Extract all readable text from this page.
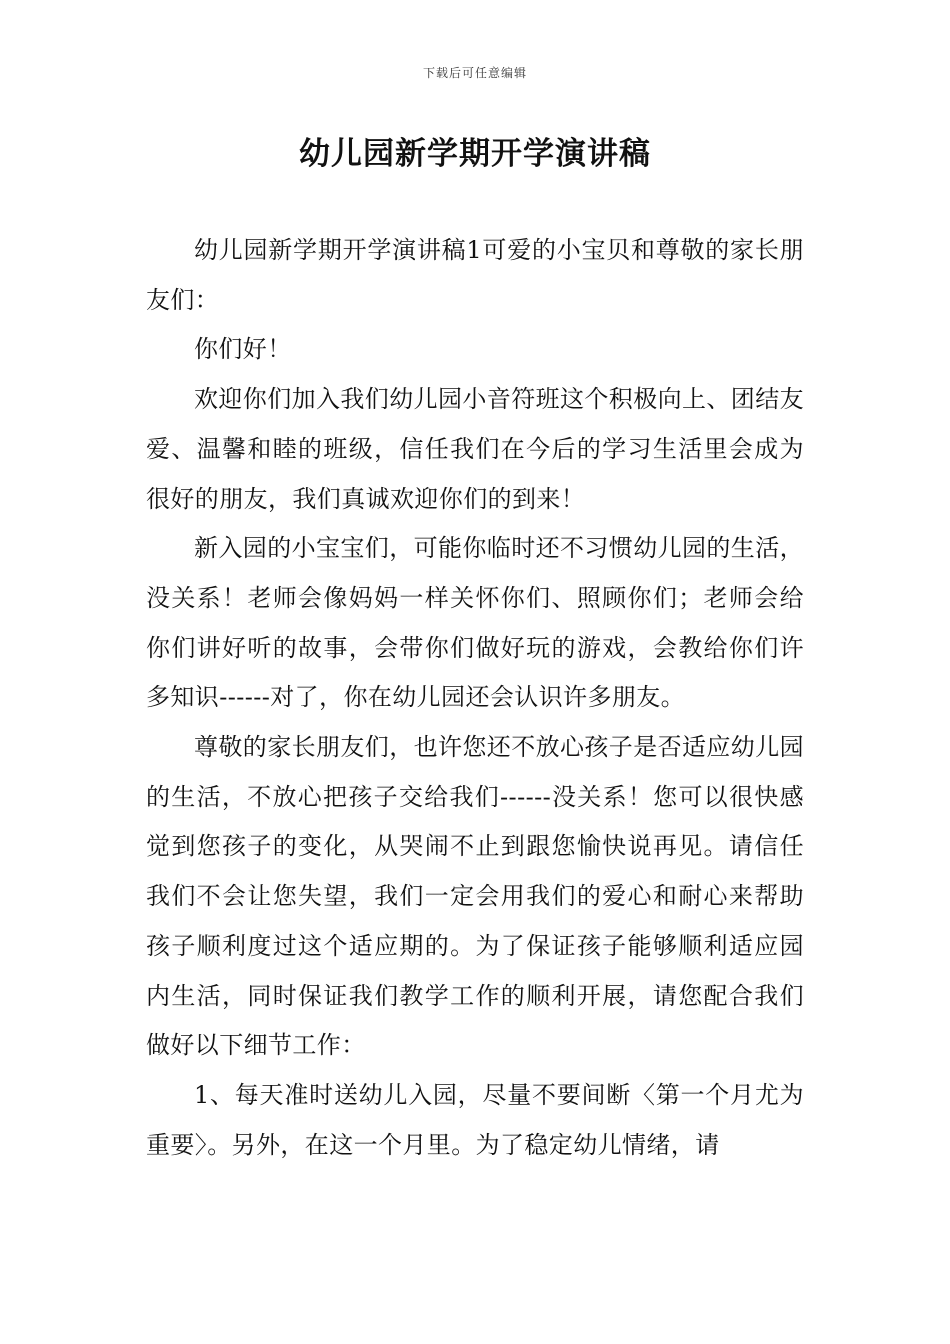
下载后可任意编辑
幼儿园新学期开学演讲稿

幼儿园新学期开学演讲稿1可爱的小宝贝和尊敬的家长朋友们：

你们好！

欢迎你们加入我们幼儿园小音符班这个积极向上、团结友爱、温馨和睦的班级，信任我们在今后的学习生活里会成为很好的朋友，我们真诚欢迎你们的到来！

新入园的小宝宝们，可能你临时还不习惯幼儿园的生活，没关系！老师会像妈妈一样关怀你们、照顾你们；老师会给你们讲好听的故事，会带你们做好玩的游戏，会教给你们许多知识------对了，你在幼儿园还会认识许多朋友。

尊敬的家长朋友们，也许您还不放心孩子是否适应幼儿园的生活，不放心把孩子交给我们------没关系！您可以很快感觉到您孩子的变化，从哭闹不止到跟您愉快说再见。请信任我们不会让您失望，我们一定会用我们的爱心和耐心来帮助孩子顺利度过这个适应期的。为了保证孩子能够顺利适应园内生活，同时保证我们教学工作的顺利开展，请您配合我们做好以下细节工作：

1、每天准时送幼儿入园，尽量不要间断〈第一个月尤为重要〉。另外，在这一个月里。为了稳定幼儿情绪，请
